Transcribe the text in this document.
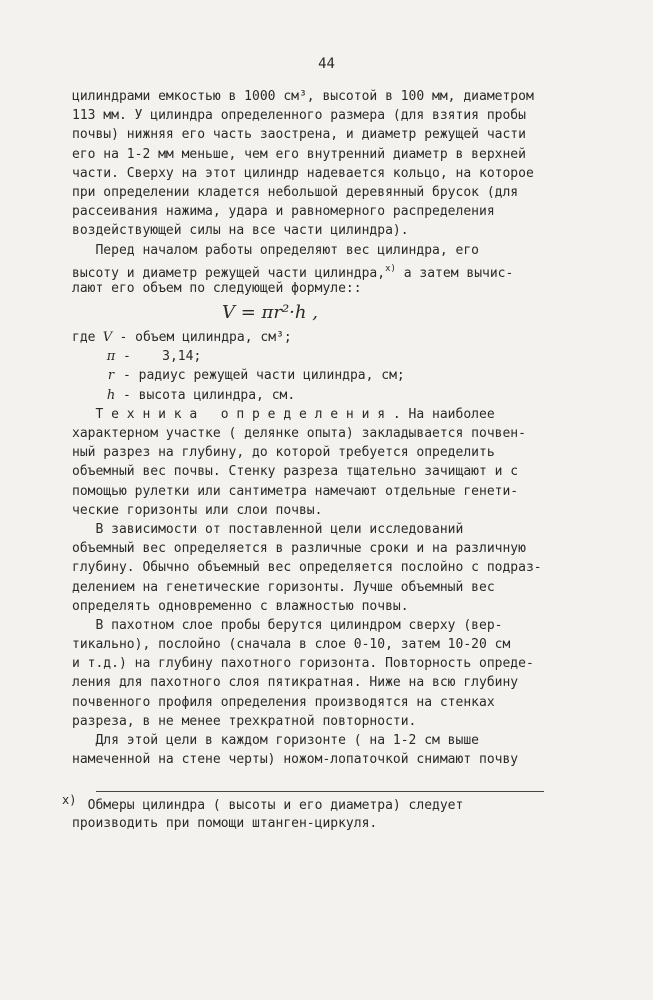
44
цилиндрами емкостью в 1000 см³, высотой в 100 мм, диаметром
113 мм. У цилиндра определенного размера (для взятия пробы
почвы) нижняя его часть заострена, и диаметр режущей части
его на 1-2 мм меньше, чем его внутренний диаметр в верхней
части. Сверху на этот цилиндр надевается кольцо, на которое
при определении кладется небольшой деревянный брусок (для
рассеивания нажима, удара и равномерного распределения
воздействующей силы на все части цилиндра).
Перед началом работы определяют вес цилиндра, его
высоту и диаметр режущей части цилиндра,$^{x)}$ а затем вычис-
лают его объем по следующей формуле::
V = πr²·h ,
где V - объем цилиндра, см³;
π -    3,14;
r - радиус режущей части цилиндра, см;
h - высота цилиндра, см.
Т е х н и к а   о п р е д е л е н и я . На наиболее
характерном участке ( делянке опыта) закладывается почвен-
ный разрез на глубину, до которой требуется определить
объемный вес почвы. Стенку разреза тщательно зачищают и с
помощью рулетки или сантиметра намечают отдельные генети-
ческие горизонты или слои почвы.
В зависимости от поставленной цели исследований
объемный вес определяется в различные сроки и на различную
глубину. Обычно объемный вес определяется послойно с подраз-
делением на генетические горизонты. Лучше объемный вес
определять одновременно с влажностью почвы.
В пахотном слое пробы берутся цилиндром сверху (вер-
тикально), послойно (сначала в слое 0-10, затем 10-20 см
и т.д.) на глубину пахотного горизонта. Повторность опреде-
ления для пахотного слоя пятикратная. Ниже на всю глубину
почвенного профиля определения производятся на стенках
разреза, в не менее трехкратной повторности.
Для этой цели в каждом горизонте ( на 1-2 см выше
намеченной на стене черты) ножом-лопаточкой снимают почву
x)
Обмеры цилиндра ( высоты и его диаметра) следует
производить при помощи штанген-циркуля.
